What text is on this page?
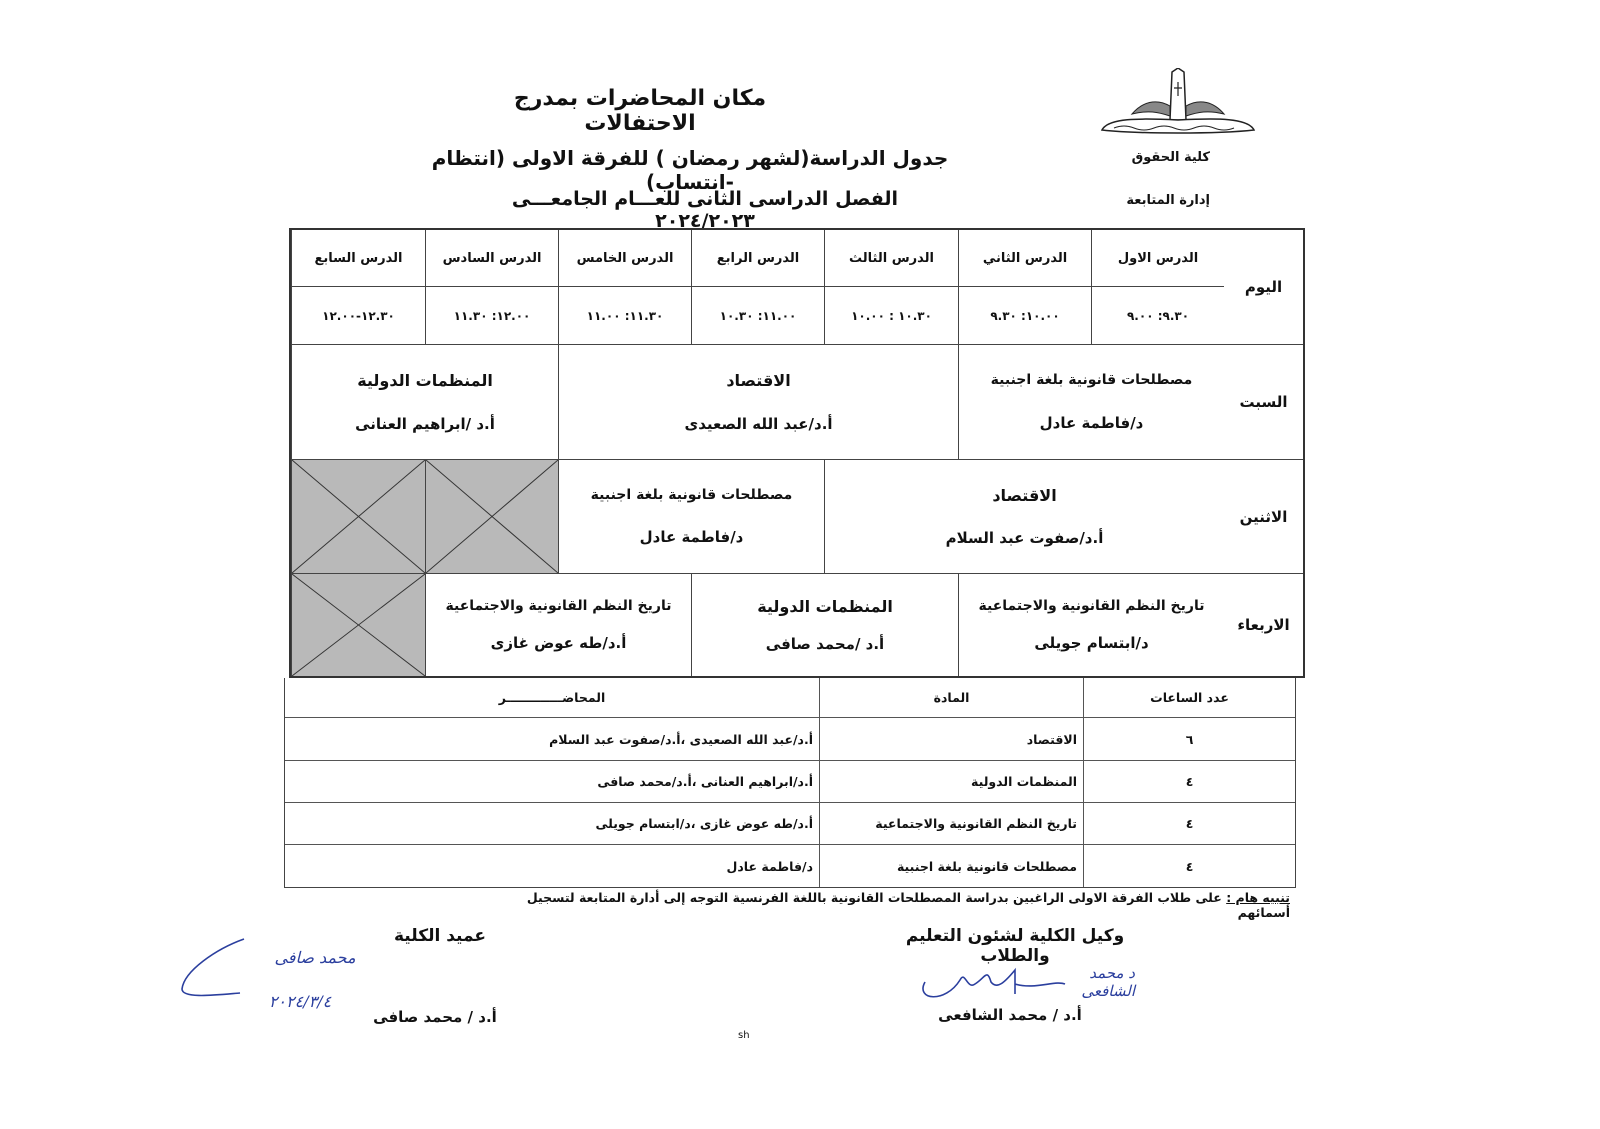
مكان المحاضرات بمدرج الاحتفالات
جدول الدراسة(لشهر رمضان ) للفرقة الاولى (انتظام -انتساب)
الفصل الدراسى الثانى للعـــام الجامعـــى ٢٠٢٤/٢٠٢٣
كلية الحقوق
إدارة المتابعة
اليوم
الدرس الاول
الدرس الثاني
الدرس الثالث
الدرس الرابع
الدرس الخامس
الدرس السادس
الدرس السابع
٩.٣٠: ٩.٠٠
١٠.٠٠: ٩.٣٠
١٠.٣٠ : ١٠.٠٠
١١.٠٠: ١٠.٣٠
١١.٣٠: ١١.٠٠
١٢.٠٠: ١١.٣٠
١٢.٣٠-١٢.٠٠
السبت
مصطلحات قانونية بلغة اجنبية
د/فاطمة عادل
الاقتصاد
أ.د/عبد الله الصعيدى
المنظمات الدولية
أ.د /ابراهيم العنانى
الاثنين
الاقتصاد
أ.د/صفوت عبد السلام
مصطلحات قانونية بلغة اجنبية
د/فاطمة عادل
الاربعاء
تاريخ النظم القانونية والاجتماعية
د/ابتسام جويلى
المنظمات الدولية
أ.د /محمد صافى
تاريخ النظم القانونية والاجتماعية
أ.د/طه عوض غازى
عدد الساعات
المادة
المحاضـــــــــــــر
٦
الاقتصاد
أ.د/عبد الله الصعيدى ،أ.د/صفوت عبد السلام
٤
المنظمات الدولية
أ.د/ابراهيم العنانى ،أ.د/محمد صافى
٤
تاريخ النظم القانونية والاجتماعية
أ.د/طه عوض غازى ،د/ابتسام جويلى
٤
مصطلحات قانونية بلغة اجنبية
د/فاطمة عادل
تنبيه هام : على طلاب الفرقة الاولى الراغبين بدراسة المصطلحات القانونية باللغة الفرنسية التوجه إلى أدارة المتابعة لتسجيل أسمائهم
وكيل الكلية لشئون التعليم والطلاب
د محمد الشافعى
أ.د / محمد الشافعى
عميد الكلية
محمد صافى
٢٠٢٤/٣/٤
أ.د / محمد صافى
sh
